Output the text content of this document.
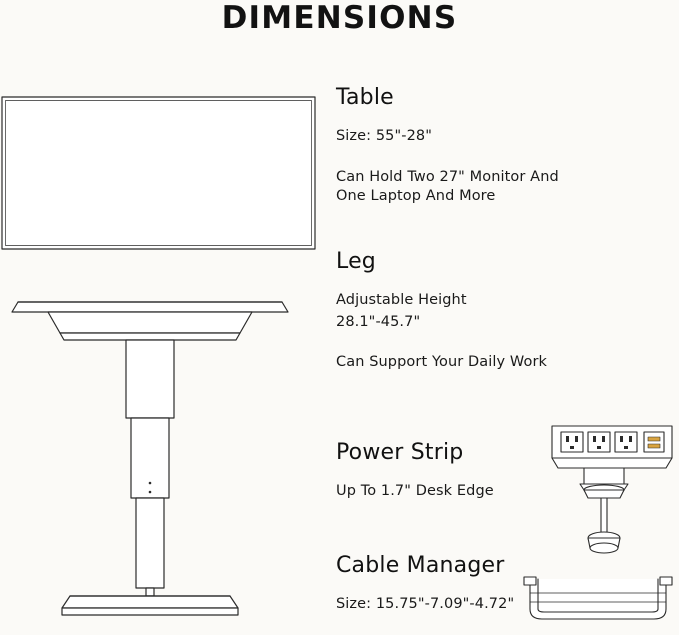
DIMENSIONS
Table
Size: 55"-28"
Can Hold Two 27" Monitor And
One Laptop And More
Leg
Adjustable Height
28.1"-45.7"
Can Support Your Daily Work
Power Strip
Up To 1.7" Desk Edge
Cable Manager
Size: 15.75"-7.09"-4.72"
